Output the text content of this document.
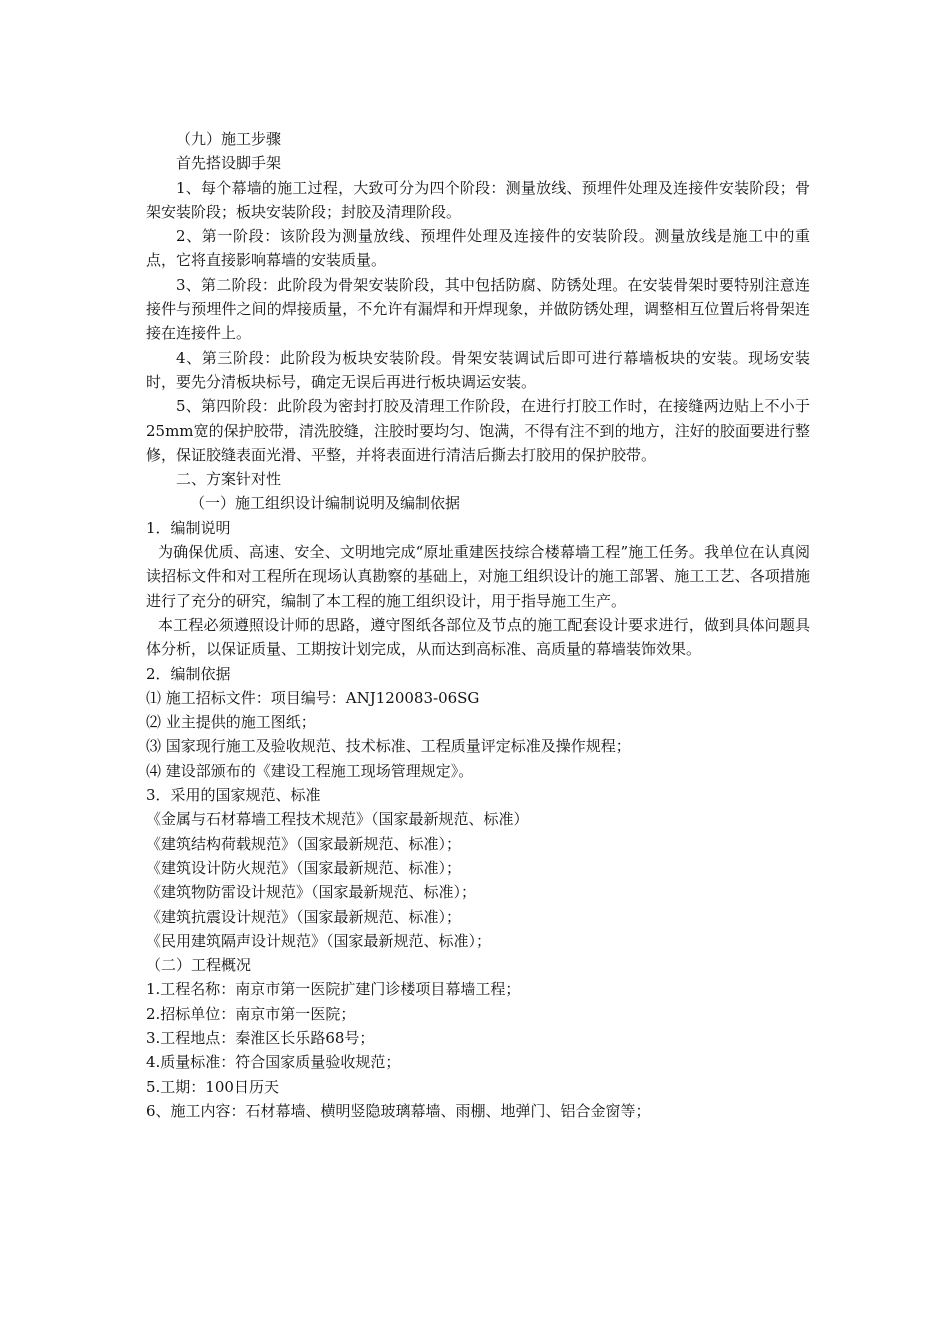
（九）施工步骤

首先搭设脚手架

1、每个幕墙的施工过程，大致可分为四个阶段：测量放线、预埋件处理及连接件安装阶段；骨架安装阶段；板块安装阶段；封胶及清理阶段。

2、第一阶段：该阶段为测量放线、预埋件处理及连接件的安装阶段。测量放线是施工中的重点，它将直接影响幕墙的安装质量。

3、第二阶段：此阶段为骨架安装阶段，其中包括防腐、防锈处理。在安装骨架时要特别注意连接件与预埋件之间的焊接质量，不允许有漏焊和开焊现象，并做防锈处理，调整相互位置后将骨架连接在连接件上。

4、第三阶段：此阶段为板块安装阶段。骨架安装调试后即可进行幕墙板块的安装。现场安装时，要先分清板块标号，确定无误后再进行板块调运安装。

5、第四阶段：此阶段为密封打胶及清理工作阶段，在进行打胶工作时，在接缝两边贴上不小于25mm宽的保护胶带，清洗胶缝，注胶时要均匀、饱满，不得有注不到的地方，注好的胶面要进行整修，保证胶缝表面光滑、平整，并将表面进行清洁后撕去打胶用的保护胶带。

二、方案针对性

（一）施工组织设计编制说明及编制依据

1．编制说明

为确保优质、高速、安全、文明地完成“原址重建医技综合楼幕墙工程”施工任务。我单位在认真阅读招标文件和对工程所在现场认真勘察的基础上，对施工组织设计的施工部署、施工工艺、各项措施进行了充分的研究，编制了本工程的施工组织设计，用于指导施工生产。

本工程必须遵照设计师的思路，遵守图纸各部位及节点的施工配套设计要求进行，做到具体问题具体分析，以保证质量、工期按计划完成，从而达到高标准、高质量的幕墙装饰效果。

2．编制依据

⑴ 施工招标文件：项目编号：ANJ120083-06SG

⑵ 业主提供的施工图纸；

⑶ 国家现行施工及验收规范、技术标准、工程质量评定标准及操作规程；

⑷ 建设部颁布的《建设工程施工现场管理规定》。

3．采用的国家规范、标准

《金属与石材幕墙工程技术规范》（国家最新规范、标准）

《建筑结构荷载规范》（国家最新规范、标准）；

《建筑设计防火规范》（国家最新规范、标准）；

《建筑物防雷设计规范》（国家最新规范、标准）；

《建筑抗震设计规范》（国家最新规范、标准）；

《民用建筑隔声设计规范》（国家最新规范、标准）；

（二）工程概况

1.工程名称：南京市第一医院扩建门诊楼项目幕墙工程；

2.招标单位：南京市第一医院；

3.工程地点：秦淮区长乐路68号；

4.质量标准：符合国家质量验收规范；

5.工期：100日历天

6、施工内容：石材幕墙、横明竖隐玻璃幕墙、雨棚、地弹门、铝合金窗等；
